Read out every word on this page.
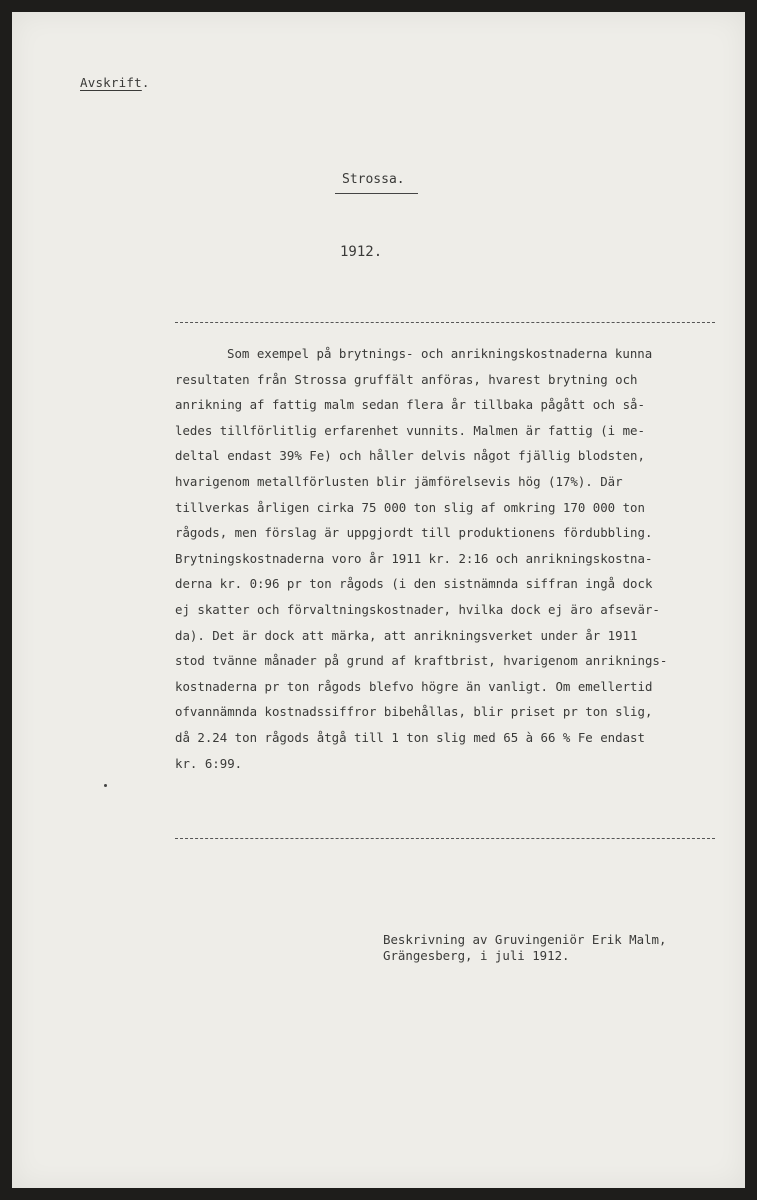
Avskrift.
Strossa.
1912.
Som exempel på brytnings- och anrikningskostnaderna kunna
resultaten från Strossa gruffält anföras, hvarest brytning och
anrikning af fattig malm sedan flera år tillbaka pågått och så-
ledes tillförlitlig erfarenhet vunnits. Malmen är fattig (i me-
deltal endast 39% Fe) och håller delvis något fjällig blodsten,
hvarigenom metallförlusten blir jämförelsevis hög (17%). Där
tillverkas årligen cirka 75 000 ton slig af omkring 170 000 ton
rågods, men förslag är uppgjordt till produktionens fördubbling.
Brytningskostnaderna voro år 1911 kr. 2:16 och anrikningskostna-
derna kr. 0:96 pr ton rågods (i den sistnämnda siffran ingå dock
ej skatter och förvaltningskostnader, hvilka dock ej äro afsevär-
da). Det är dock att märka, att anrikningsverket under år 1911
stod tvänne månader på grund af kraftbrist, hvarigenom anriknings-
kostnaderna pr ton rågods blefvo högre än vanligt. Om emellertid
ofvannämnda kostnadssiffror bibehållas, blir priset pr ton slig,
då 2.24 ton rågods åtgå till 1 ton slig med 65 à 66 % Fe endast
kr. 6:99.
Beskrivning av Gruvingeniör Erik Malm,
Grängesberg, i juli 1912.
